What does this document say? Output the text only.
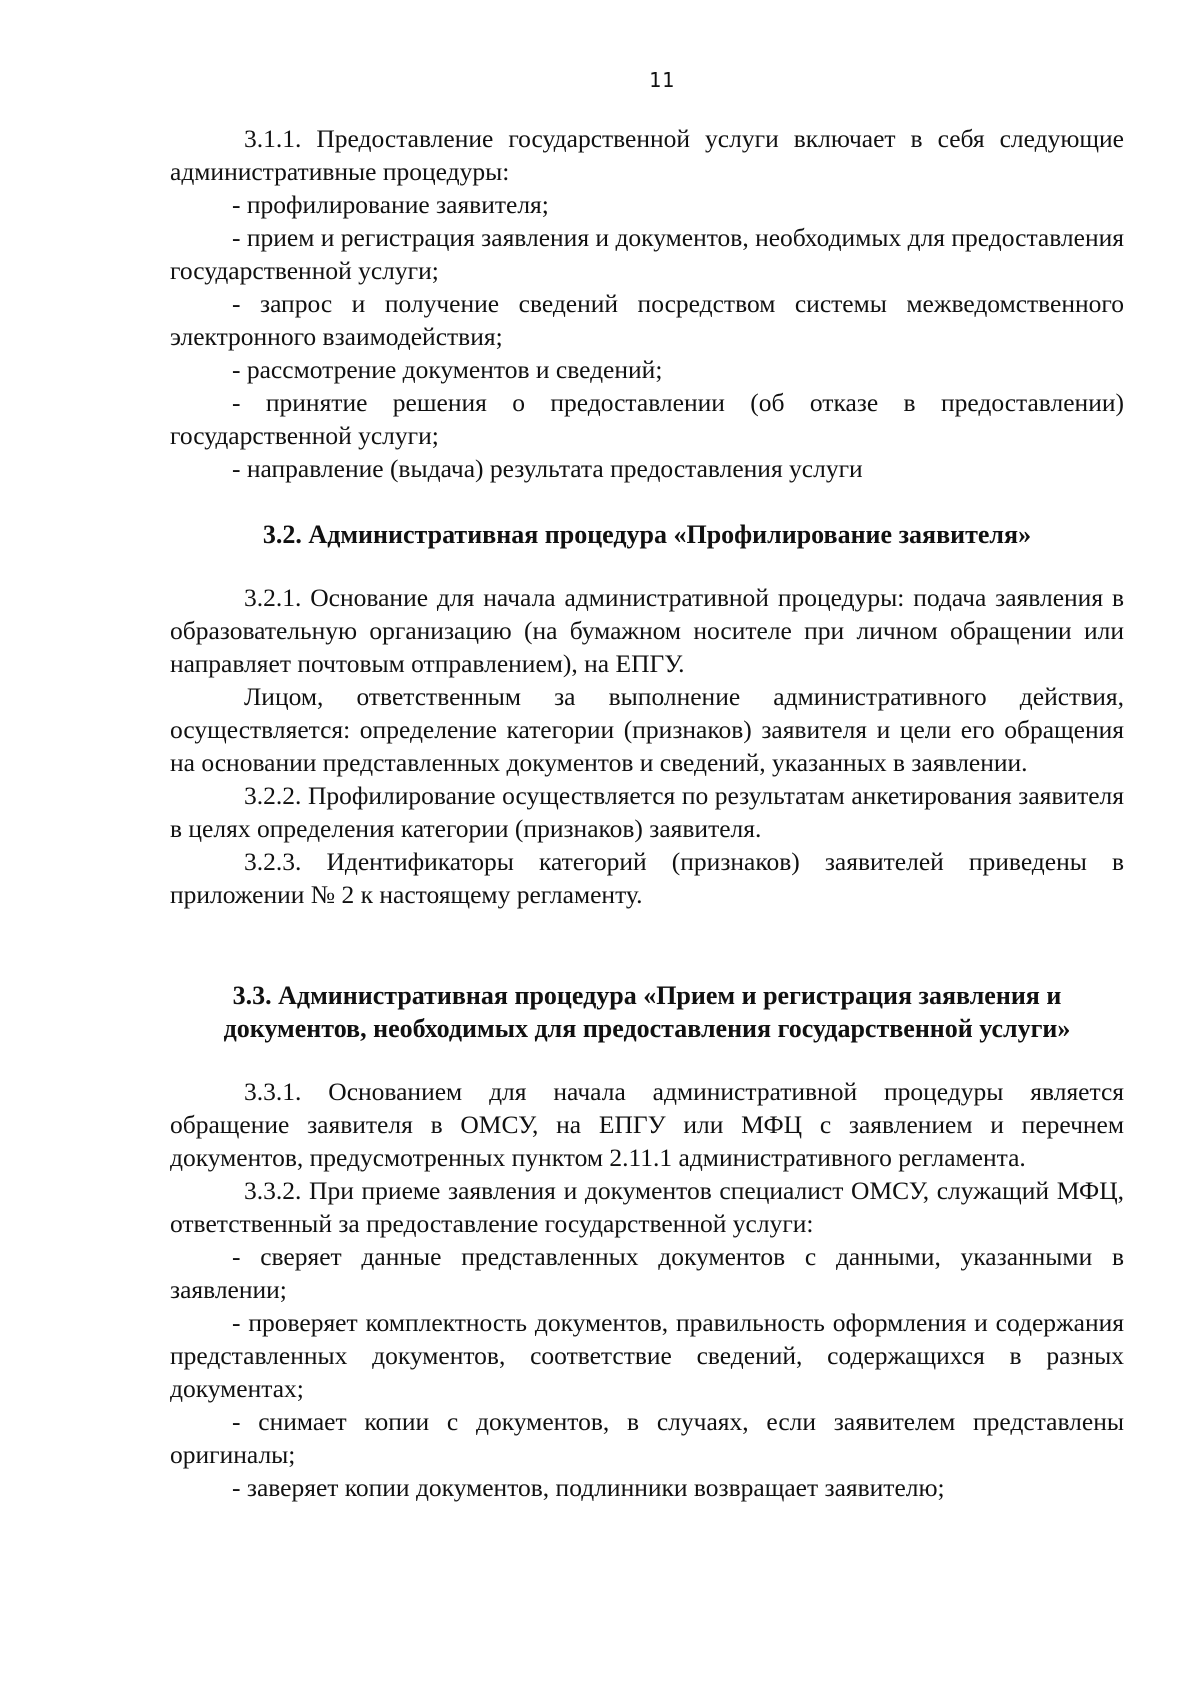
11

3.1.1. Предоставление государственной услуги включает в себя следующие административные процедуры:

- профилирование заявителя;

- прием и регистрация заявления и документов, необходимых для предоставления государственной услуги;

- запрос и получение сведений посредством системы межведомственного электронного взаимодействия;

- рассмотрение документов и сведений;

- принятие решения о предоставлении (об отказе в предоставлении) государственной услуги;

- направление (выдача) результата предоставления услуги

3.2. Административная процедура «Профилирование заявителя»

3.2.1. Основание для начала административной процедуры: подача заявления в образовательную организацию (на бумажном носителе при личном обращении или направляет почтовым отправлением), на ЕПГУ.

Лицом, ответственным за выполнение административного действия, осуществляется: определение категории (признаков) заявителя и цели его обращения на основании представленных документов и сведений, указанных в заявлении.

3.2.2. Профилирование осуществляется по результатам анкетирования заявителя в целях определения категории (признаков) заявителя.

3.2.3. Идентификаторы категорий (признаков) заявителей приведены в приложении № 2 к настоящему регламенту.

3.3. Административная процедура «Прием и регистрация заявления и документов, необходимых для предоставления государственной услуги»

3.3.1. Основанием для начала административной процедуры является обращение заявителя в ОМСУ, на ЕПГУ или МФЦ с заявлением и перечнем документов, предусмотренных пунктом 2.11.1 административного регламента.

3.3.2. При приеме заявления и документов специалист ОМСУ, служащий МФЦ, ответственный за предоставление государственной услуги:

- сверяет данные представленных документов с данными, указанными в заявлении;

- проверяет комплектность документов, правильность оформления и содержания представленных документов, соответствие сведений, содержащихся в разных документах;

- снимает копии с документов, в случаях, если заявителем представлены оригиналы;

- заверяет копии документов, подлинники возвращает заявителю;
